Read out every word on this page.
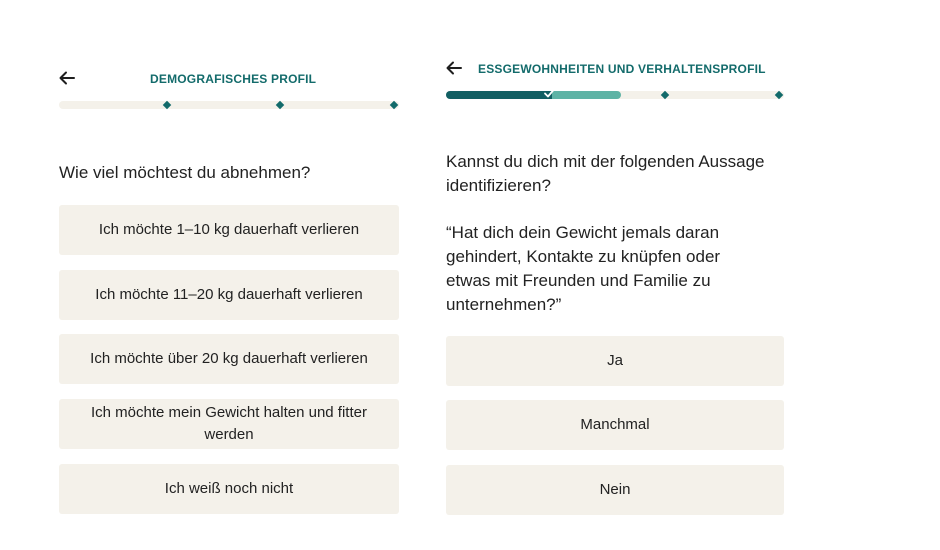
DEMOGRAFISCHES PROFIL
Wie viel möchtest du abnehmen?
Ich möchte 1–10 kg dauerhaft verlieren
Ich möchte 11–20 kg dauerhaft verlieren
Ich möchte über 20 kg dauerhaft verlieren
Ich möchte mein Gewicht halten und fitter werden
Ich weiß noch nicht
ESSGEWOHNHEITEN UND VERHALTENSPROFIL
Kannst du dich mit der folgenden Aussage identifizieren?
“Hat dich dein Gewicht jemals daran gehindert, Kontakte zu knüpfen oder etwas mit Freunden und Familie zu unternehmen?”
Ja
Manchmal
Nein
